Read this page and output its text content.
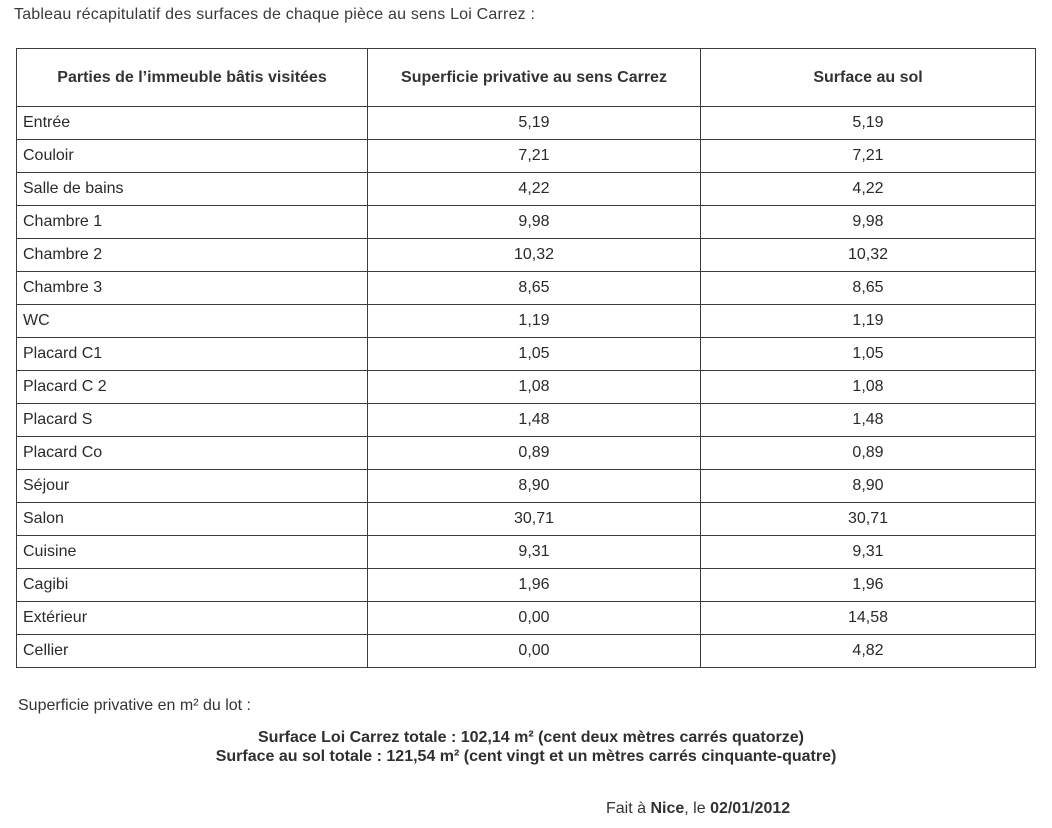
Tableau récapitulatif des surfaces de chaque pièce au sens Loi Carrez :
Parties de l’immeuble bâtis visitées	Superficie privative au sens Carrez	Surface au sol
Entrée	5,19	5,19
Couloir	7,21	7,21
Salle de bains	4,22	4,22
Chambre 1	9,98	9,98
Chambre 2	10,32	10,32
Chambre 3	8,65	8,65
WC	1,19	1,19
Placard C1	1,05	1,05
Placard C 2	1,08	1,08
Placard S	1,48	1,48
Placard Co	0,89	0,89
Séjour	8,90	8,90
Salon	30,71	30,71
Cuisine	9,31	9,31
Cagibi	1,96	1,96
Extérieur	0,00	14,58
Cellier	0,00	4,82
Superficie privative en m² du lot :
Surface Loi Carrez totale : 102,14 m² (cent deux mètres carrés quatorze)
Surface au sol totale : 121,54 m² (cent vingt et un mètres carrés cinquante-quatre)
Fait à Nice, le 02/01/2012
